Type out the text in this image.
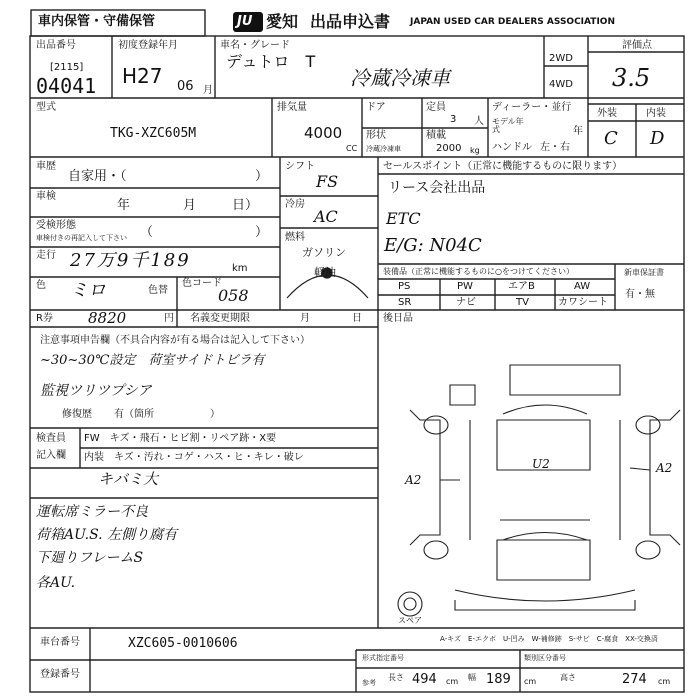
車内保管・守備保管	JU 愛知 出品申込書 JAPAN USED CAR DEALERS ASSOCIATION
出品番号
[2115]
04041
初度登録年月
H27 06 月
車名・グレード
デュトロ　T
冷蔵冷凍車
2WD
4WD
評価点
3.5
外装	内装
C D
型式
TKG-XZC605M
排気量
4000
CC
ドア
形状
冷蔵冷凍車
定員
3 人
積載
2000 kg
ディーラー・並行
モデル年式	年
ハンドル 左・右
車歴
自家用・（	）
車検
年	月	日）
受検形態
車検付きの再記入して下さい （	）
走行 27万9千189	km
色 ミロ	色替
色コード
058
シフト
FS
冷房
AC
燃料
ガソリン
軽油
R券 8820	円 名義変更期限	月	日
セールスポイント（正常に機能するものに限ります）
リース会社出品
ETC
E/G: N04C
装備品（正常に機能するものに○をつけてください）
PS	PW	エアB	AW
SR	ナビ	TV	カワシート
新車保証書
有・無
後日品
注意事項申告欄（不具合内容が有る場合は記入して下さい）
~30~30℃設定　荷室サイドトビラ有
監視ツリツプシア
修復歴 有（箇所	）
検査員
記入欄
FW　キズ・飛石・ヒビ割・リペア跡・X要
内装　キズ・汚れ・コゲ・ハス・ヒ・キレ・破レ
キバミ大
運転席ミラー不良
荷箱AU.S. 左側り腐有
下廻りフレームS
各AU.
A2
A2
U2
スペア
A-キズ　E-エクボ　U-凹み　W-補修跡　S-サビ　C-腐食　XX-交換済
車台番号	XZC605-0010606
登録番号
形式指定番号	類別区分番号
参考
長さ 494 cm 幅 189 cm	高さ	274 cm
